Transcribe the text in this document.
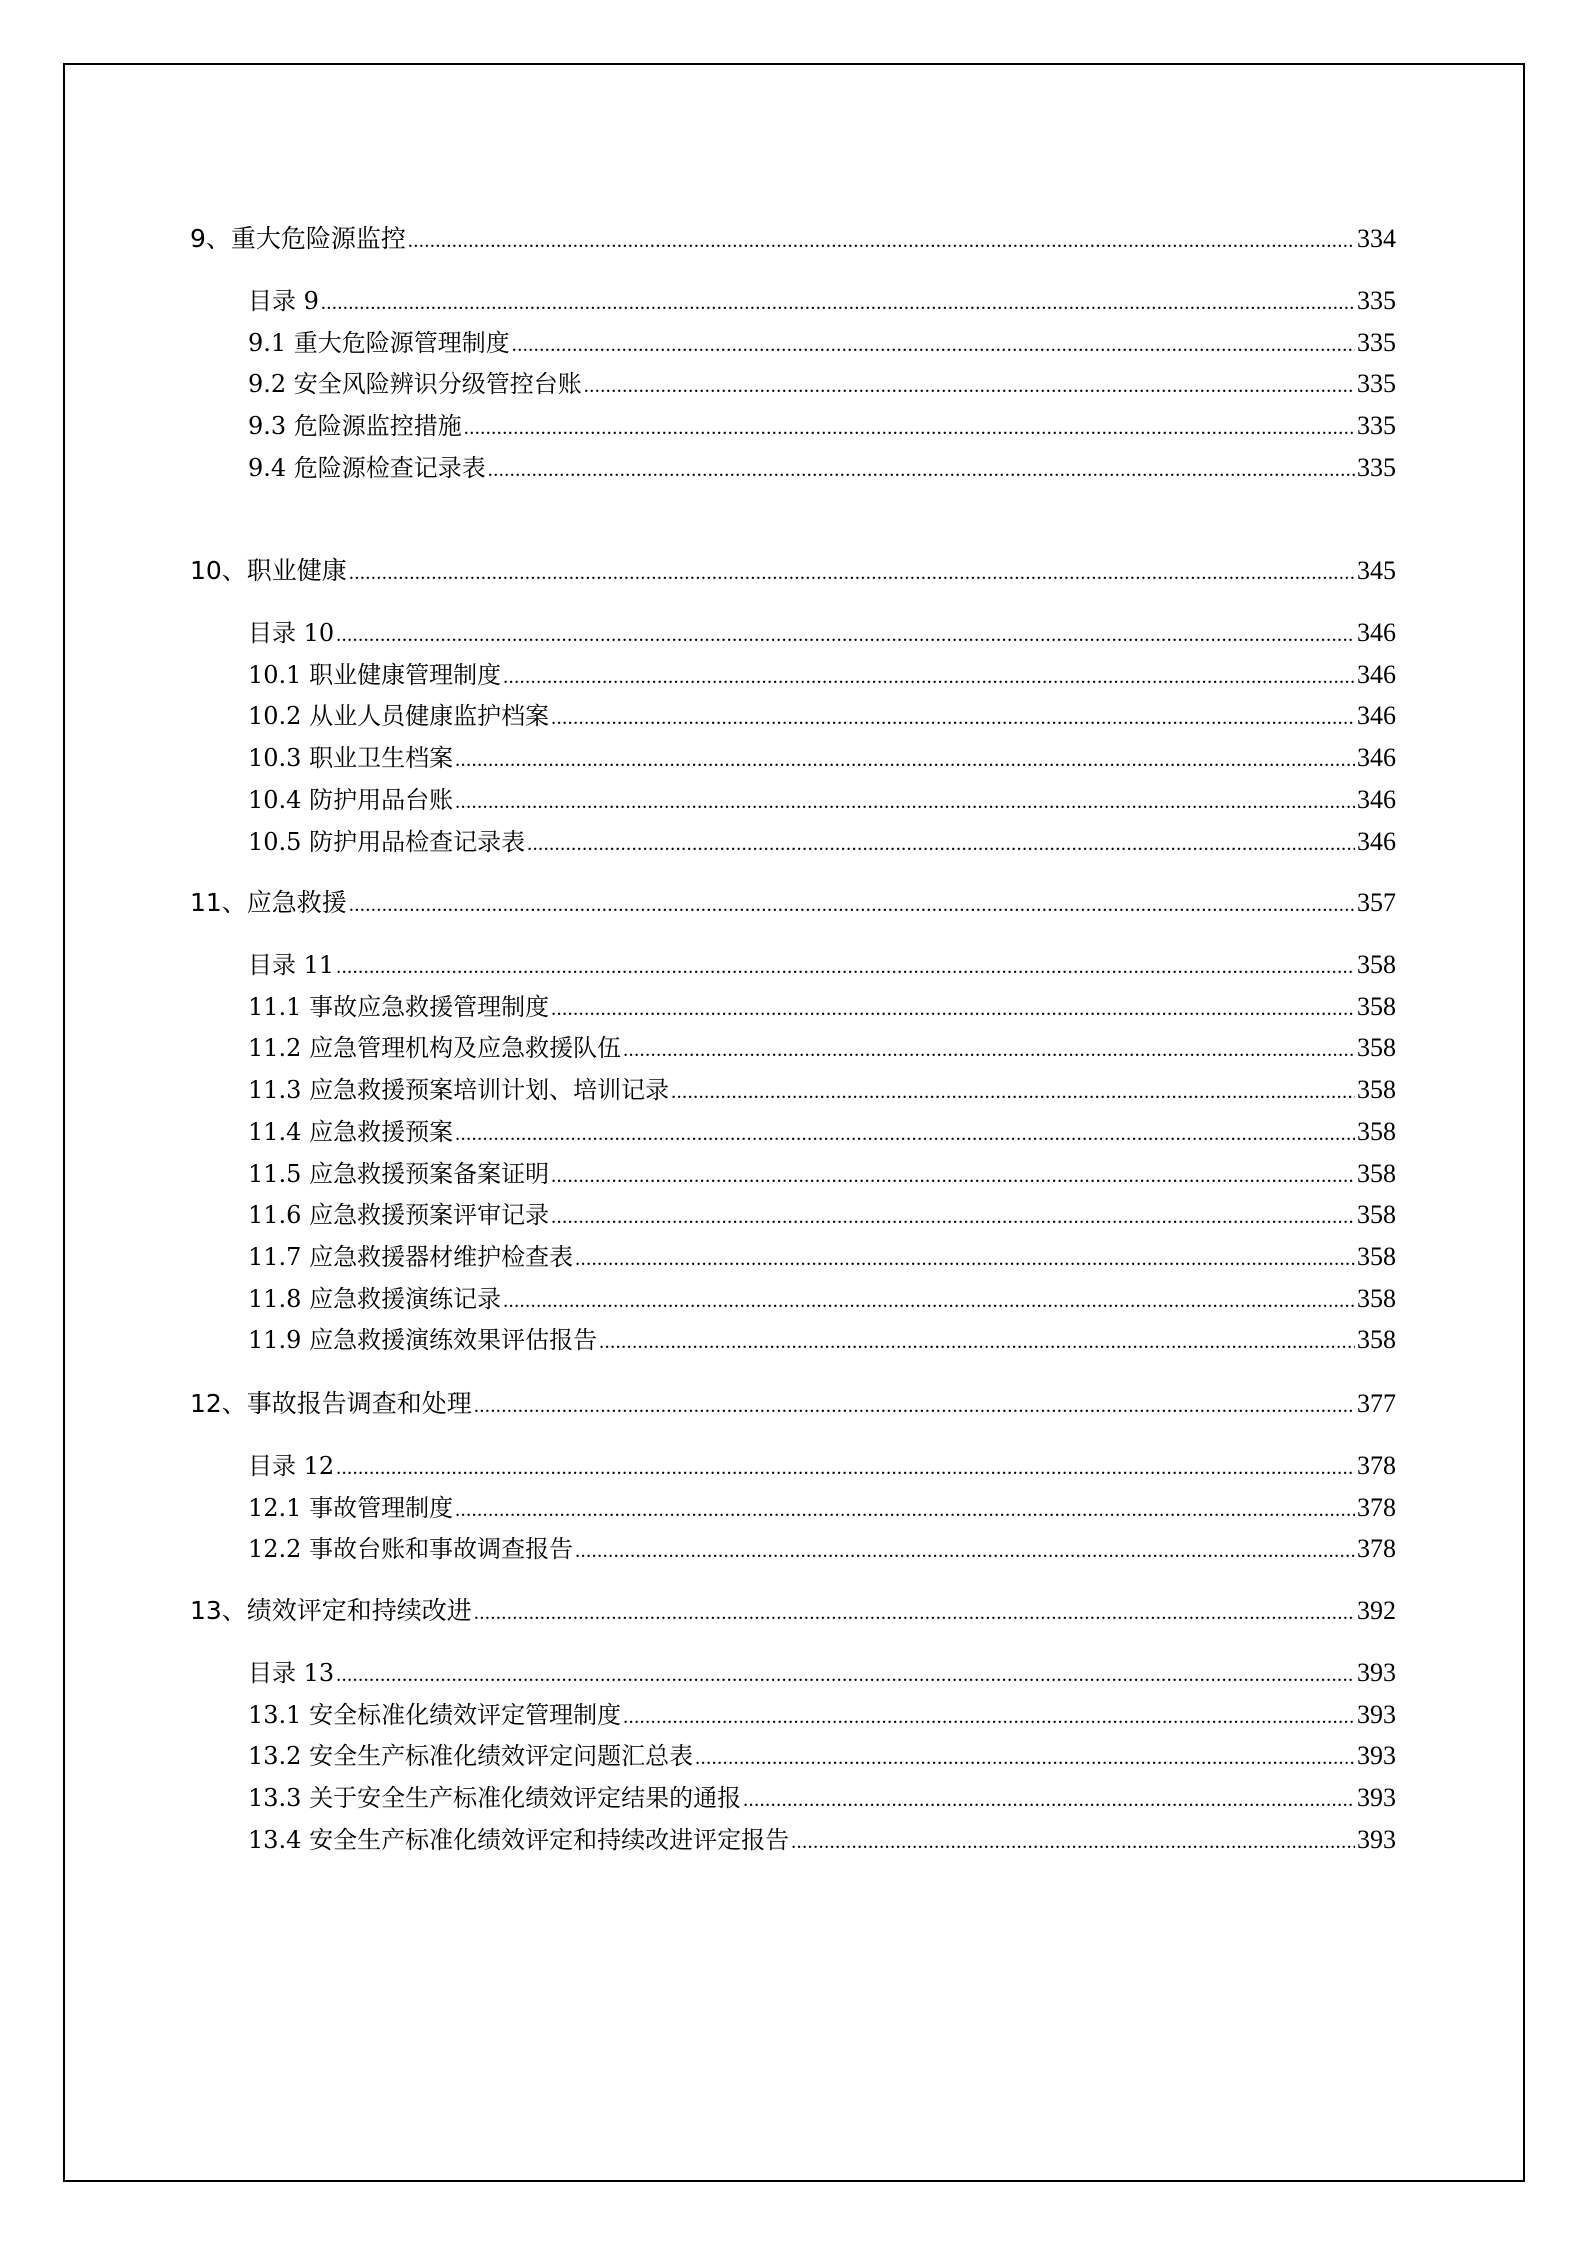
9、重大危险源监控 .....	334
目录 9 .....	335
9.1 重大危险源管理制度 .....	335
9.2 安全风险辨识分级管控台账 .....	335
9.3 危险源监控措施 .....	335
9.4 危险源检查记录表 .....	335
10、职业健康 .....	345
目录 10 .....	346
10.1 职业健康管理制度 .....	346
10.2 从业人员健康监护档案 .....	346
10.3 职业卫生档案 .....	346
10.4 防护用品台账 .....	346
10.5 防护用品检查记录表 .....	346
11、应急救援 .....	357
目录 11 .....	358
11.1 事故应急救援管理制度 .....	358
11.2 应急管理机构及应急救援队伍 .....	358
11.3 应急救援预案培训计划、培训记录 .....	358
11.4 应急救援预案 .....	358
11.5 应急救援预案备案证明 .....	358
11.6 应急救援预案评审记录 .....	358
11.7 应急救援器材维护检查表 .....	358
11.8 应急救援演练记录 .....	358
11.9 应急救援演练效果评估报告 .....	358
12、事故报告调查和处理 .....	377
目录 12 .....	378
12.1 事故管理制度 .....	378
12.2 事故台账和事故调查报告 .....	378
13、绩效评定和持续改进 .....	392
目录 13 .....	393
13.1 安全标准化绩效评定管理制度 .....	393
13.2 安全生产标准化绩效评定问题汇总表 .....	393
13.3 关于安全生产标准化绩效评定结果的通报 .....	393
13.4 安全生产标准化绩效评定和持续改进评定报告 .....	393
